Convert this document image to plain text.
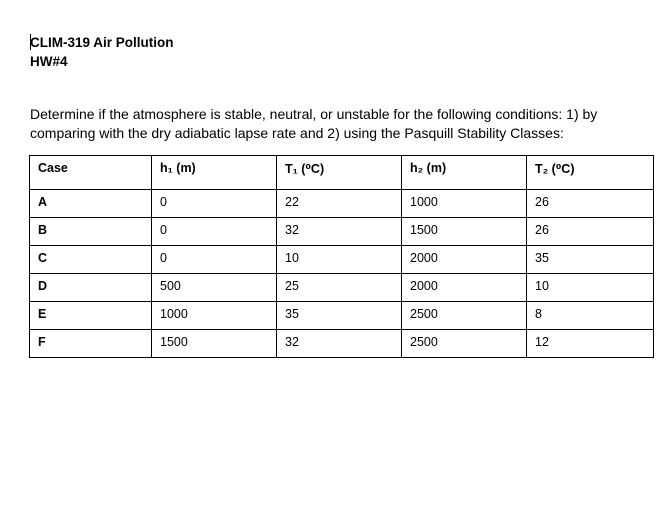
CLIM-319 Air Pollution
HW#4
Determine if the atmosphere is stable, neutral, or unstable for the following conditions: 1) by comparing with the dry adiabatic lapse rate and 2) using the Pasquill Stability Classes:
Case	h₁ (m)	T₁ (⁰C)	h₂ (m)	T₂ (⁰C)
A	0	22	1000	26
B	0	32	1500	26
C	0	10	2000	35
D	500	25	2000	10
E	1000	35	2500	8
F	1500	32	2500	12
